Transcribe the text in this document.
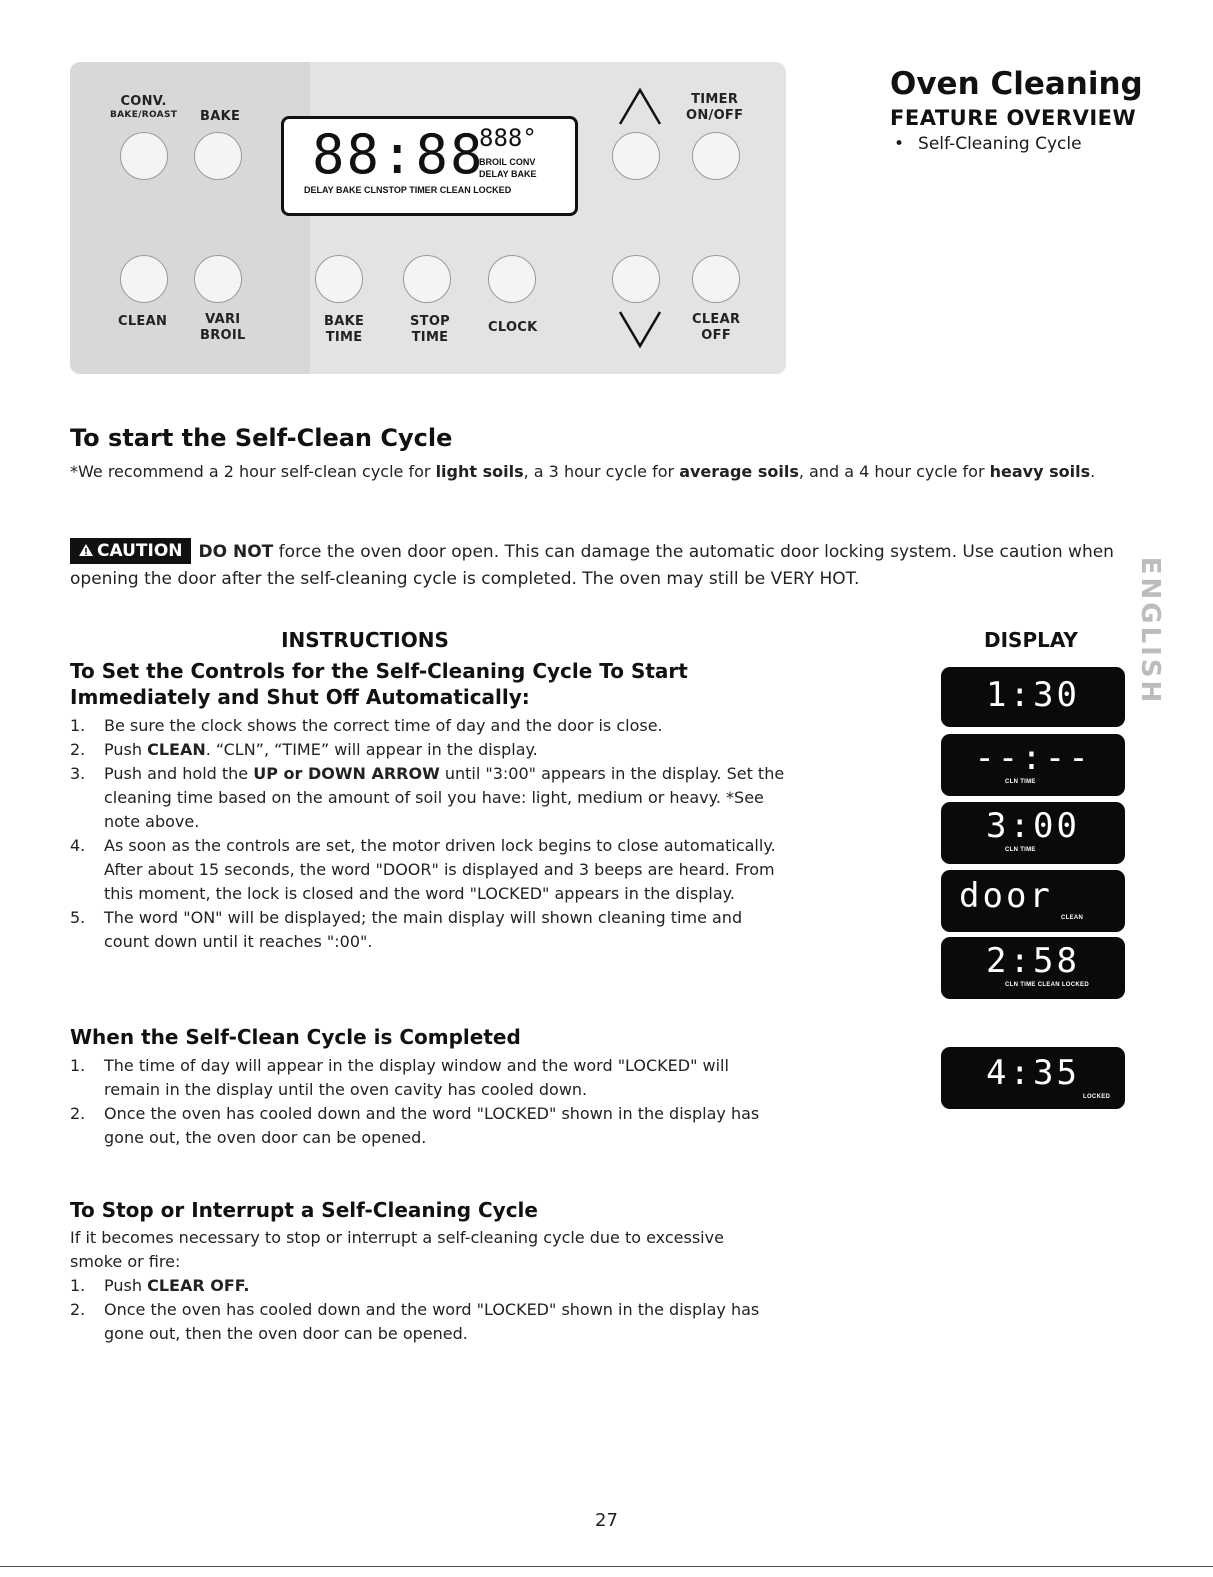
CONV.
BAKE/ROAST BAKE
TIMER
ON/OFF
CLEAN	VARI
BROIL
BAKE
TIME
STOP
TIME
CLOCK
CLEAR
OFF
88:88
888°
BROIL CONV
DELAY BAKE
DELAY BAKE CLNSTOP TIMER CLEAN LOCKED
Oven Cleaning
FEATURE OVERVIEW
• Self-Cleaning Cycle
To start the Self-Clean Cycle

*We recommend a 2 hour self-clean cycle for light soils, a 3 hour cycle for average soils, and a 4 hour cycle for heavy soils.

CAUTION DO NOT force the oven door open. This can damage the automatic door locking system. Use caution when opening the door after the self-cleaning cycle is completed. The oven may still be VERY HOT.	ENGLISH
INSTRUCTIONS	DISPLAY
To Set the Controls for the Self-Cleaning Cycle To Start
Immediately and Shut Off Automatically:
1. Be sure the clock shows the correct time of day and the door is close.
2. Push CLEAN. “CLN”, “TIME” will appear in the display.
3. Push and hold the UP or DOWN ARROW until "3:00" appears in the display. Set the cleaning time based on the amount of soil you have: light, medium or heavy. *See note above.
4. As soon as the controls are set, the motor driven lock begins to close automatically. After about 15 seconds, the word "DOOR" is displayed and 3 beeps are heard. From this moment, the lock is closed and the word "LOCKED" appears in the display.
5. The word "ON" will be displayed; the main display will shown cleaning time and count down until it reaches ":00".
1:30
--:--
CLN TIME
3:00
CLN TIME
door
CLEAN
2:58
CLN TIME CLEAN LOCKED
4:35
LOCKED
When the Self-Clean Cycle is Completed
1. The time of day will appear in the display window and the word "LOCKED" will remain in the display until the oven cavity has cooled down.
2. Once the oven has cooled down and the word "LOCKED" shown in the display has gone out, the oven door can be opened.
To Stop or Interrupt a Self-Cleaning Cycle

If it becomes necessary to stop or interrupt a self-cleaning cycle due to excessive smoke or fire:

1. Push CLEAR OFF.
2. Once the oven has cooled down and the word "LOCKED" shown in the display has gone out, then the oven door can be opened.
27
